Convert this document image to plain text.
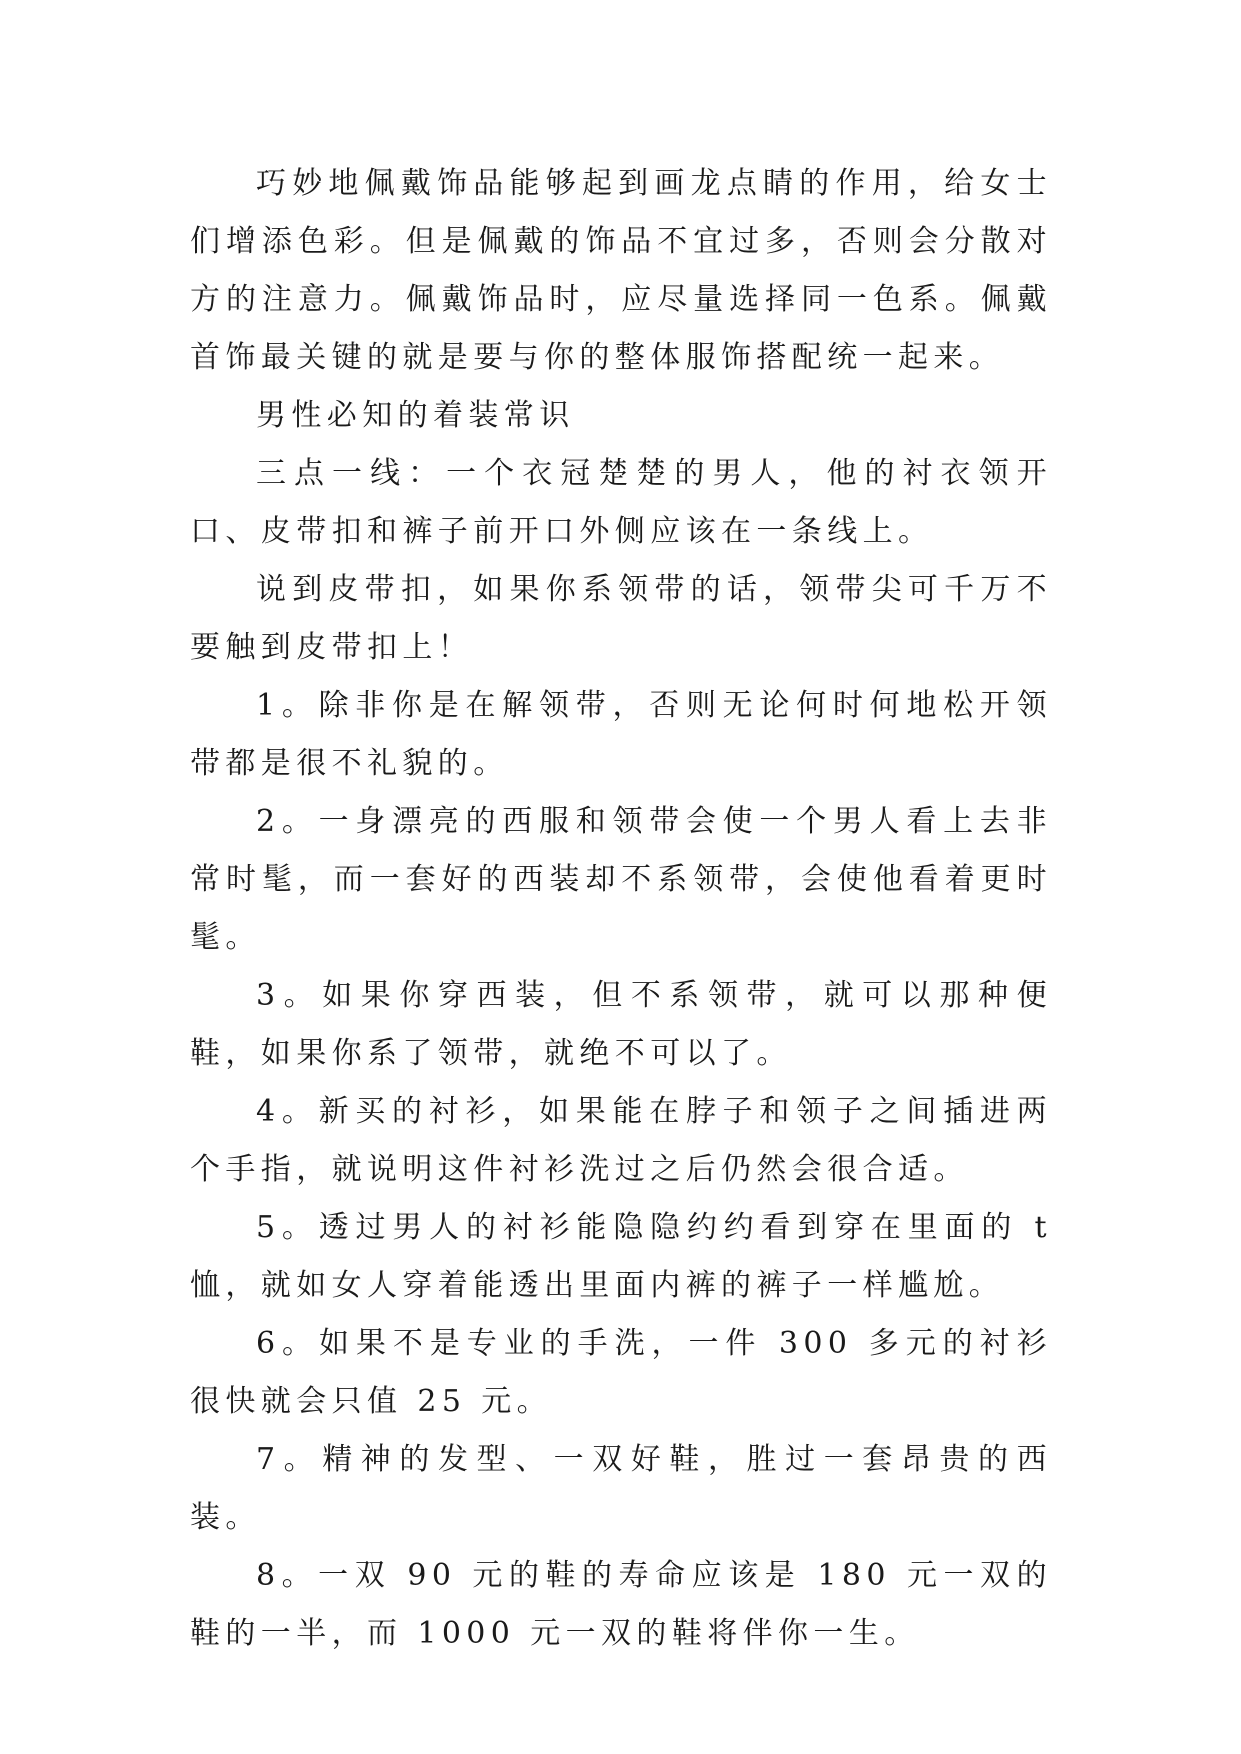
巧妙地佩戴饰品能够起到画龙点睛的作用，给女士们增添色彩。但是佩戴的饰品不宜过多，否则会分散对方的注意力。佩戴饰品时，应尽量选择同一色系。佩戴首饰最关键的就是要与你的整体服饰搭配统一起来。

男性必知的着装常识

三点一线：一个衣冠楚楚的男人，他的衬衣领开口、皮带扣和裤子前开口外侧应该在一条线上。

说到皮带扣，如果你系领带的话，领带尖可千万不要触到皮带扣上！

1。除非你是在解领带，否则无论何时何地松开领带都是很不礼貌的。

2。一身漂亮的西服和领带会使一个男人看上去非常时髦，而一套好的西装却不系领带，会使他看着更时髦。

3。如果你穿西装，但不系领带，就可以那种便鞋，如果你系了领带，就绝不可以了。

4。新买的衬衫，如果能在脖子和领子之间插进两个手指，就说明这件衬衫洗过之后仍然会很合适。

5。透过男人的衬衫能隐隐约约看到穿在里面的 t 恤，就如女人穿着能透出里面内裤的裤子一样尴尬。

6。如果不是专业的手洗，一件 300 多元的衬衫很快就会只值 25 元。

7。精神的发型、一双好鞋，胜过一套昂贵的西装。

8。一双 90 元的鞋的寿命应该是 180 元一双的鞋的一半，而 1000 元一双的鞋将伴你一生。
